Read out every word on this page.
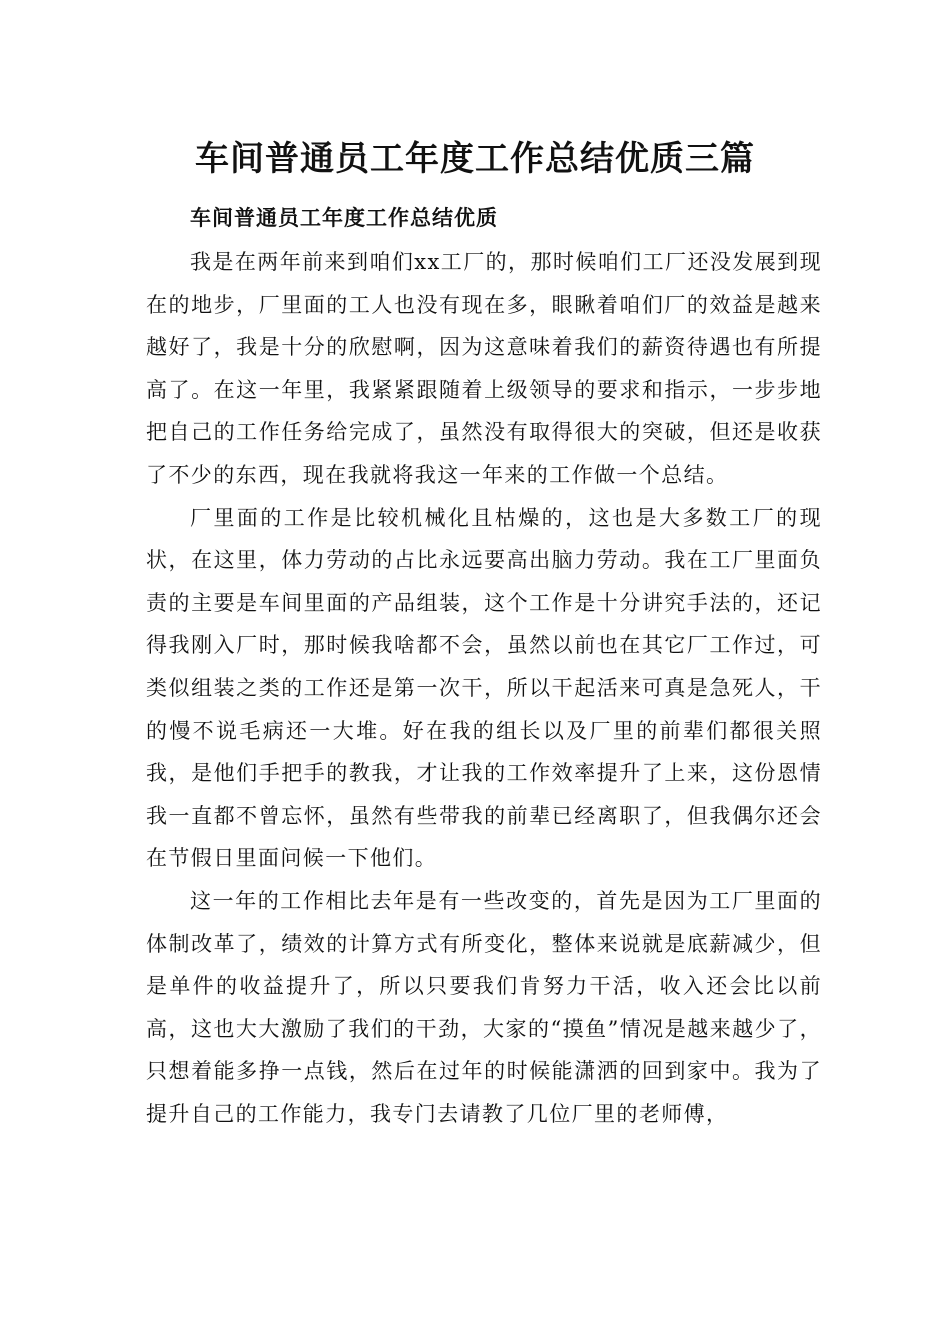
车间普通员工年度工作总结优质三篇
车间普通员工年度工作总结优质

我是在两年前来到咱们xx工厂的，那时候咱们工厂还没发展到现在的地步，厂里面的工人也没有现在多，眼瞅着咱们厂的效益是越来越好了，我是十分的欣慰啊，因为这意味着我们的薪资待遇也有所提高了。在这一年里，我紧紧跟随着上级领导的要求和指示，一步步地把自己的工作任务给完成了，虽然没有取得很大的突破，但还是收获了不少的东西，现在我就将我这一年来的工作做一个总结。

厂里面的工作是比较机械化且枯燥的，这也是大多数工厂的现状，在这里，体力劳动的占比永远要高出脑力劳动。我在工厂里面负责的主要是车间里面的产品组装，这个工作是十分讲究手法的，还记得我刚入厂时，那时候我啥都不会，虽然以前也在其它厂工作过，可类似组装之类的工作还是第一次干，所以干起活来可真是急死人，干的慢不说毛病还一大堆。好在我的组长以及厂里的前辈们都很关照我，是他们手把手的教我，才让我的工作效率提升了上来，这份恩情我一直都不曾忘怀，虽然有些带我的前辈已经离职了，但我偶尔还会在节假日里面问候一下他们。

这一年的工作相比去年是有一些改变的，首先是因为工厂里面的体制改革了，绩效的计算方式有所变化，整体来说就是底薪减少，但是单件的收益提升了，所以只要我们肯努力干活，收入还会比以前高，这也大大激励了我们的干劲，大家的“摸鱼”情况是越来越少了，只想着能多挣一点钱，然后在过年的时候能潇洒的回到家中。我为了提升自己的工作能力，我专门去请教了几位厂里的老师傅，
